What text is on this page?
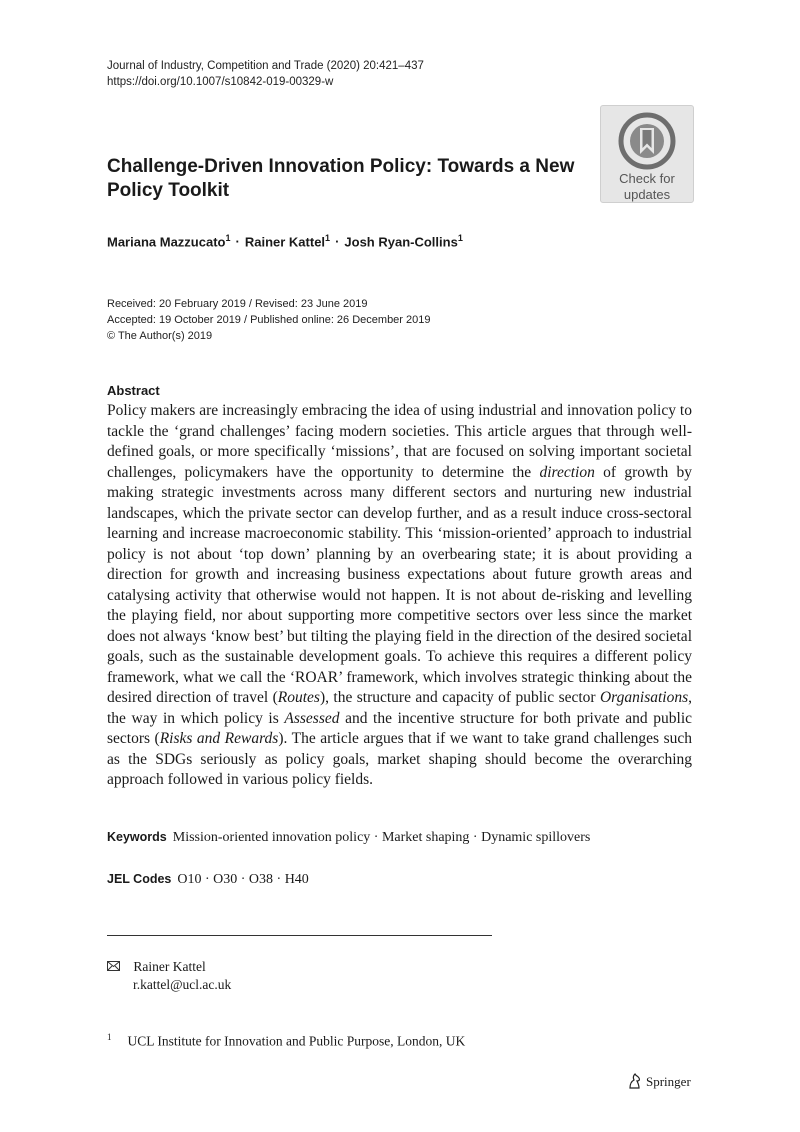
Journal of Industry, Competition and Trade (2020) 20:421–437
https://doi.org/10.1007/s10842-019-00329-w
Check for
updates
Challenge-Driven Innovation Policy: Towards a New Policy Toolkit
Mariana Mazzucato$^1$ · Rainer Kattel$^1$ · Josh Ryan-Collins$^1$
Received: 20 February 2019 / Revised: 23 June 2019
Accepted: 19 October 2019 / Published online: 26 December 2019
© The Author(s) 2019
Abstract

Policy makers are increasingly embracing the idea of using industrial and innovation policy to tackle the ‘grand challenges’ facing modern societies. This article argues that through well-defined goals, or more specifically ‘missions’, that are focused on solving important societal challenges, policymakers have the opportunity to determine the direction of growth by making strategic investments across many different sectors and nurturing new industrial landscapes, which the private sector can develop further, and as a result induce cross-sectoral learning and increase macroeconomic stability. This ‘mission-oriented’ approach to industrial policy is not about ‘top down’ planning by an overbearing state; it is about providing a direction for growth and increasing business expectations about future growth areas and catalysing activity that otherwise would not happen. It is not about de-risking and levelling the playing field, nor about supporting more competitive sectors over less since the market does not always ‘know best’ but tilting the playing field in the direction of the desired societal goals, such as the sustainable development goals. To achieve this requires a different policy framework, what we call the ‘ROAR’ framework, which involves strategic thinking about the desired direction of travel (Routes), the structure and capacity of public sector Organisations, the way in which policy is Assessed and the incentive structure for both private and public sectors (Risks and Rewards). The article argues that if we want to take grand challenges such as the SDGs seriously as policy goals, market shaping should become the overarching approach followed in various policy fields.

Keywords Mission-oriented innovation policy · Market shaping · Dynamic spillovers
JEL Codes O10 · O30 · O38 · H40
Rainer Kattel
r.kattel@ucl.ac.uk
$^1$ UCL Institute for Innovation and Public Purpose, London, UK
Springer
